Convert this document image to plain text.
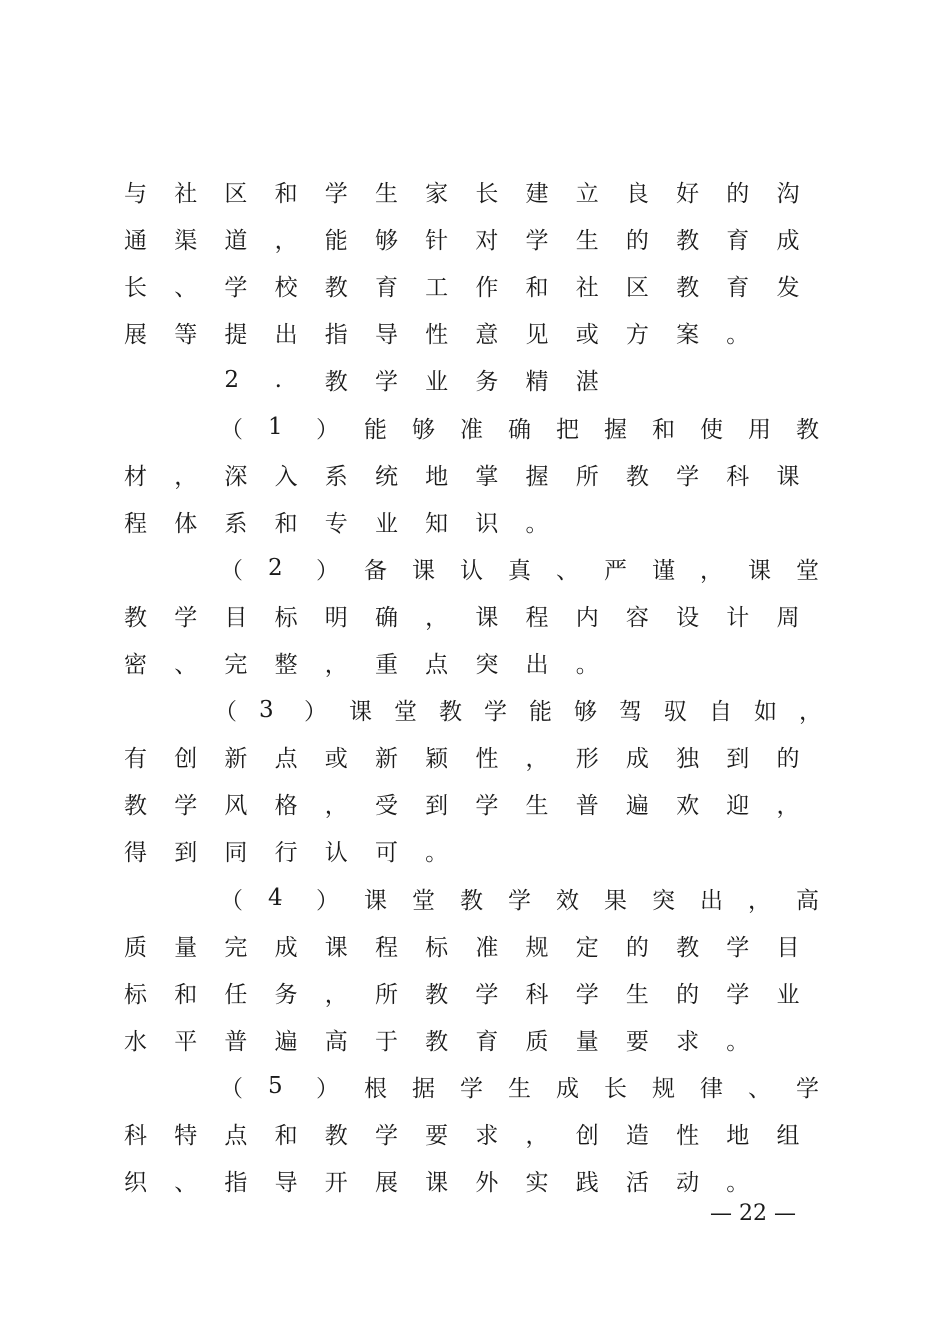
与	社	区	和	学	生	家	长	建	立	良	好	的	沟
通	渠	道	，	能	够	针	对	学	生	的	教	育	成
长	、	学	校	教	育	工	作	和	社	区	教	育	发
展	等	提	出	指	导	性	意	见	或	方	案	。

2	.	教	学	业	务	精	湛

（	1	）	能	够	准	确	把	握	和	使	用	教
材	，	深	入	系	统	地	掌	握	所	教	学	科	课
程	体	系	和	专	业	知	识	。

（	2	）	备	课	认	真	、	严	谨	，	课	堂
教	学	目	标	明	确	，	课	程	内	容	设	计	周
密	、	完	整	，	重	点	突	出	。

（ 3	） 课 堂 教 学 能 够 驾 驭 自 如 ，
有	创	新	点	或	新	颖	性	，	形	成	独	到	的
教	学	风	格	，	受	到	学	生	普	遍	欢	迎	，
得	到	同	行	认	可	。

（	4	）	课	堂	教	学	效	果	突	出	，	高
质	量	完	成	课	程	标	准	规	定	的	教	学	目
标	和	任	务	，	所	教	学	科	学	生	的	学	业
水	平	普	遍	高	于	教	育	质	量	要	求	。

（	5	）	根	据	学	生	成	长	规	律	、	学
科	特	点	和	教	学	要	求	，	创	造	性	地	组
织	、	指	导	开	展	课	外	实	践	活	动	。
— 22 —
